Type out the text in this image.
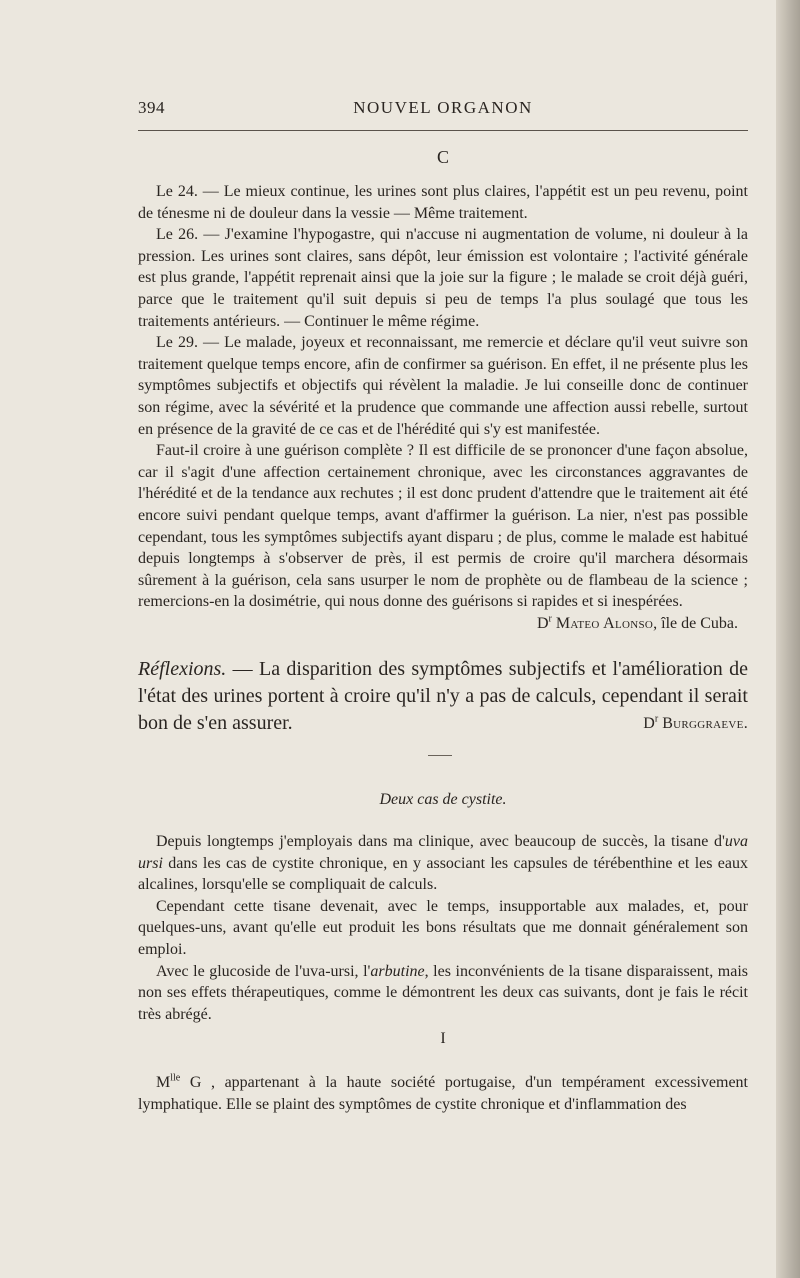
394	NOUVEL ORGANON
C

Le 24. — Le mieux continue, les urines sont plus claires, l'appétit est un peu revenu, point de ténesme ni de douleur dans la vessie — Même traitement.

Le 26. — J'examine l'hypogastre, qui n'accuse ni augmentation de volume, ni douleur à la pression. Les urines sont claires, sans dépôt, leur émission est volontaire ; l'activité générale est plus grande, l'appétit reprenait ainsi que la joie sur la figure ; le malade se croit déjà guéri, parce que le traitement qu'il suit depuis si peu de temps l'a plus soulagé que tous les traitements antérieurs. — Continuer le même régime.

Le 29. — Le malade, joyeux et reconnaissant, me remercie et déclare qu'il veut suivre son traitement quelque temps encore, afin de confirmer sa guérison. En effet, il ne présente plus les symptômes subjectifs et objectifs qui révèlent la maladie. Je lui conseille donc de continuer son régime, avec la sévérité et la prudence que commande une affection aussi rebelle, surtout en présence de la gravité de ce cas et de l'hérédité qui s'y est manifestée.

Faut-il croire à une guérison complète ? Il est difficile de se prononcer d'une façon absolue, car il s'agit d'une affection certainement chronique, avec les circonstances aggravantes de l'hérédité et de la tendance aux rechutes ; il est donc prudent d'attendre que le traitement ait été encore suivi pendant quelque temps, avant d'affirmer la guérison. La nier, n'est pas possible cependant, tous les symptômes subjectifs ayant disparu ; de plus, comme le malade est habitué depuis longtemps à s'observer de près, il est permis de croire qu'il marchera désormais sûrement à la guérison, cela sans usurper le nom de prophète ou de flambeau de la science ; remercions-en la dosimétrie, qui nous donne des guérisons si rapides et si inespérées.

$D^r$ Mateo Alonso, île de Cuba.

Réflexions. — La disparition des symptômes subjectifs et l'amélioration de l'état des urines portent à croire qu'il n'y a pas de calculs, cependant il serait bon de s'en assurer.	$D^r$ Burggraeve.

Deux cas de cystite.

Depuis longtemps j'employais dans ma clinique, avec beaucoup de succès, la tisane d'uva ursi dans les cas de cystite chronique, en y associant les capsules de térébenthine et les eaux alcalines, lorsqu'elle se compliquait de calculs.

Cependant cette tisane devenait, avec le temps, insupportable aux malades, et, pour quelques-uns, avant qu'elle eut produit les bons résultats que me donnait généralement son emploi.

Avec le glucoside de l'uva-ursi, l'arbutine, les inconvénients de la tisane disparaissent, mais non ses effets thérapeutiques, comme le démontrent les deux cas suivants, dont je fais le récit très abrégé.

I

$M^{lle}$ G , appartenant à la haute société portugaise, d'un tempérament excessivement lymphatique. Elle se plaint des symptômes de cystite chronique et d'inflammation des
